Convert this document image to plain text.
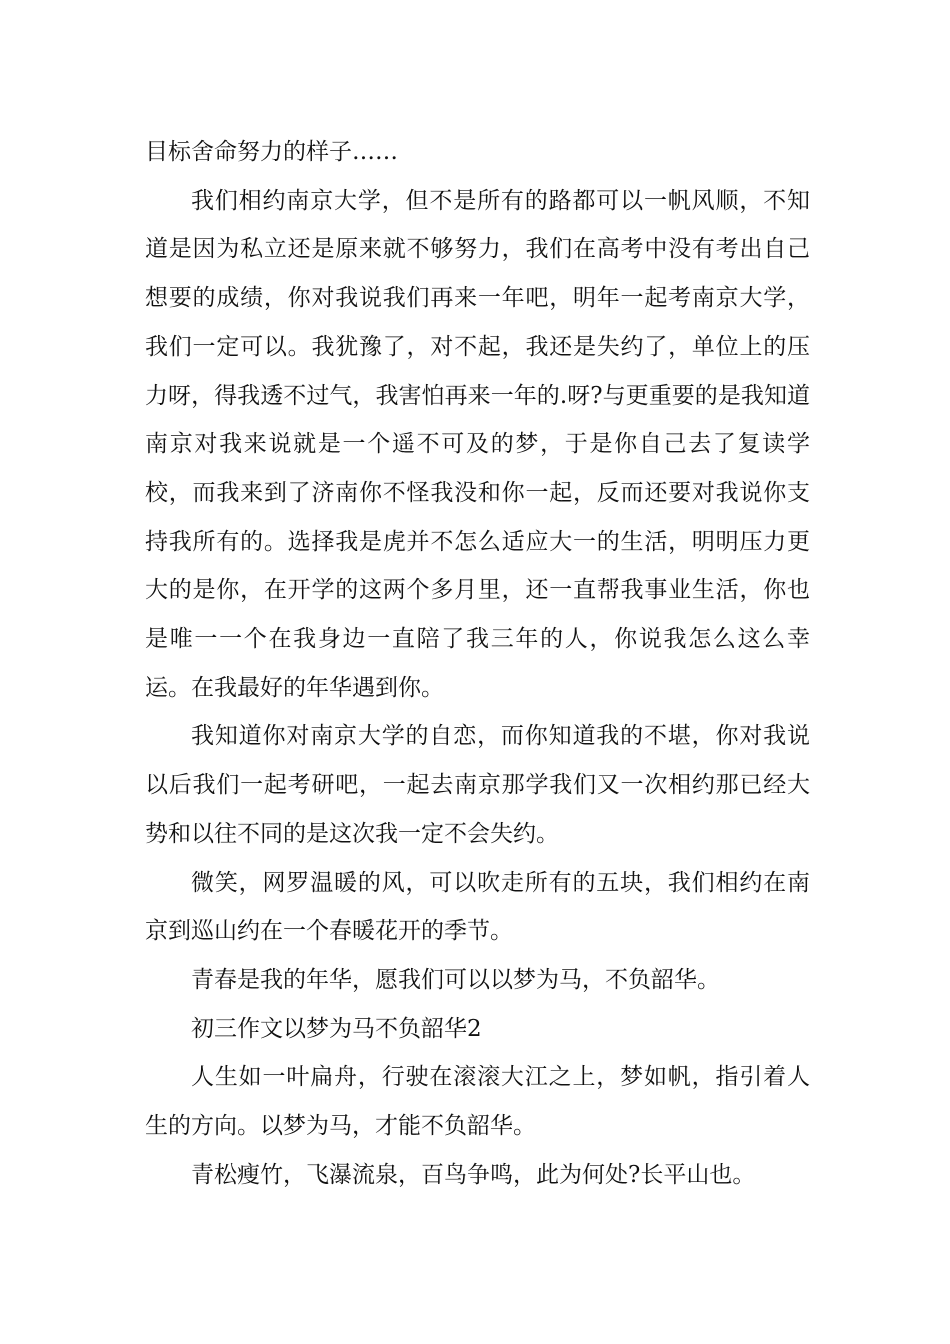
目标舍命努力的样子……

我们相约南京大学，但不是所有的路都可以一帆风顺，不知道是因为私立还是原来就不够努力，我们在高考中没有考出自己想要的成绩，你对我说我们再来一年吧，明年一起考南京大学，我们一定可以。我犹豫了，对不起，我还是失约了，单位上的压力呀，得我透不过气，我害怕再来一年的.呀?与更重要的是我知道南京对我来说就是一个遥不可及的梦，于是你自己去了复读学校，而我来到了济南你不怪我没和你一起，反而还要对我说你支持我所有的。选择我是虎并不怎么适应大一的生活，明明压力更大的是你，在开学的这两个多月里，还一直帮我事业生活，你也是唯一一个在我身边一直陪了我三年的人，你说我怎么这么幸运。在我最好的年华遇到你。

我知道你对南京大学的自恋，而你知道我的不堪，你对我说以后我们一起考研吧，一起去南京那学我们又一次相约那已经大势和以往不同的是这次我一定不会失约。

微笑，网罗温暖的风，可以吹走所有的五块，我们相约在南京到巡山约在一个春暖花开的季节。

青春是我的年华，愿我们可以以梦为马，不负韶华。

初三作文以梦为马不负韶华2

人生如一叶扁舟，行驶在滚滚大江之上，梦如帆，指引着人生的方向。以梦为马，才能不负韶华。

青松瘦竹，飞瀑流泉，百鸟争鸣，此为何处?长平山也。
